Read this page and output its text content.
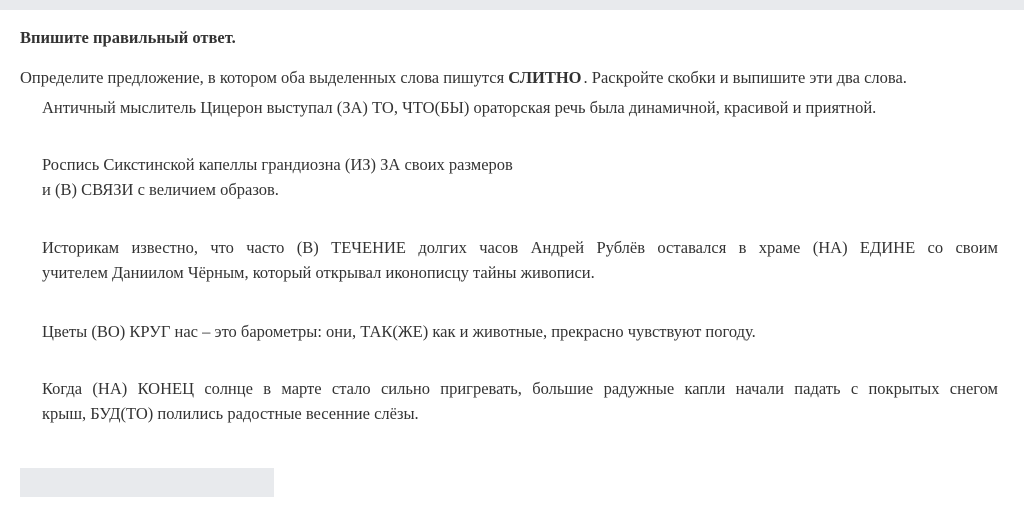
Впишите правильный ответ.
Определите предложение, в котором оба выделенных слова пишутся СЛИТНО . Раскройте скобки и выпишите эти два слова.
Античный мыслитель Цицерон выступал (ЗА) ТО, ЧТО(БЫ) ораторская речь была динамичной, красивой и приятной.
Роспись Сикстинской капеллы грандиозна (ИЗ) ЗА своих размеров
и (В) СВЯЗИ с величием образов.
Историкам известно, что часто (В) ТЕЧЕНИЕ долгих часов Андрей Рублёв оставался в храме (НА) ЕДИНЕ со своим
учителем Даниилом Чёрным, который открывал иконописцу тайны живописи.
Цветы (ВО) КРУГ нас – это барометры: они, ТАК(ЖЕ) как и животные, прекрасно чувствуют погоду.
Когда (НА) КОНЕЦ солнце в марте стало сильно пригревать, большие радужные капли начали падать с покрытых снегом
крыш, БУД(ТО) полились радостные весенние слёзы.
